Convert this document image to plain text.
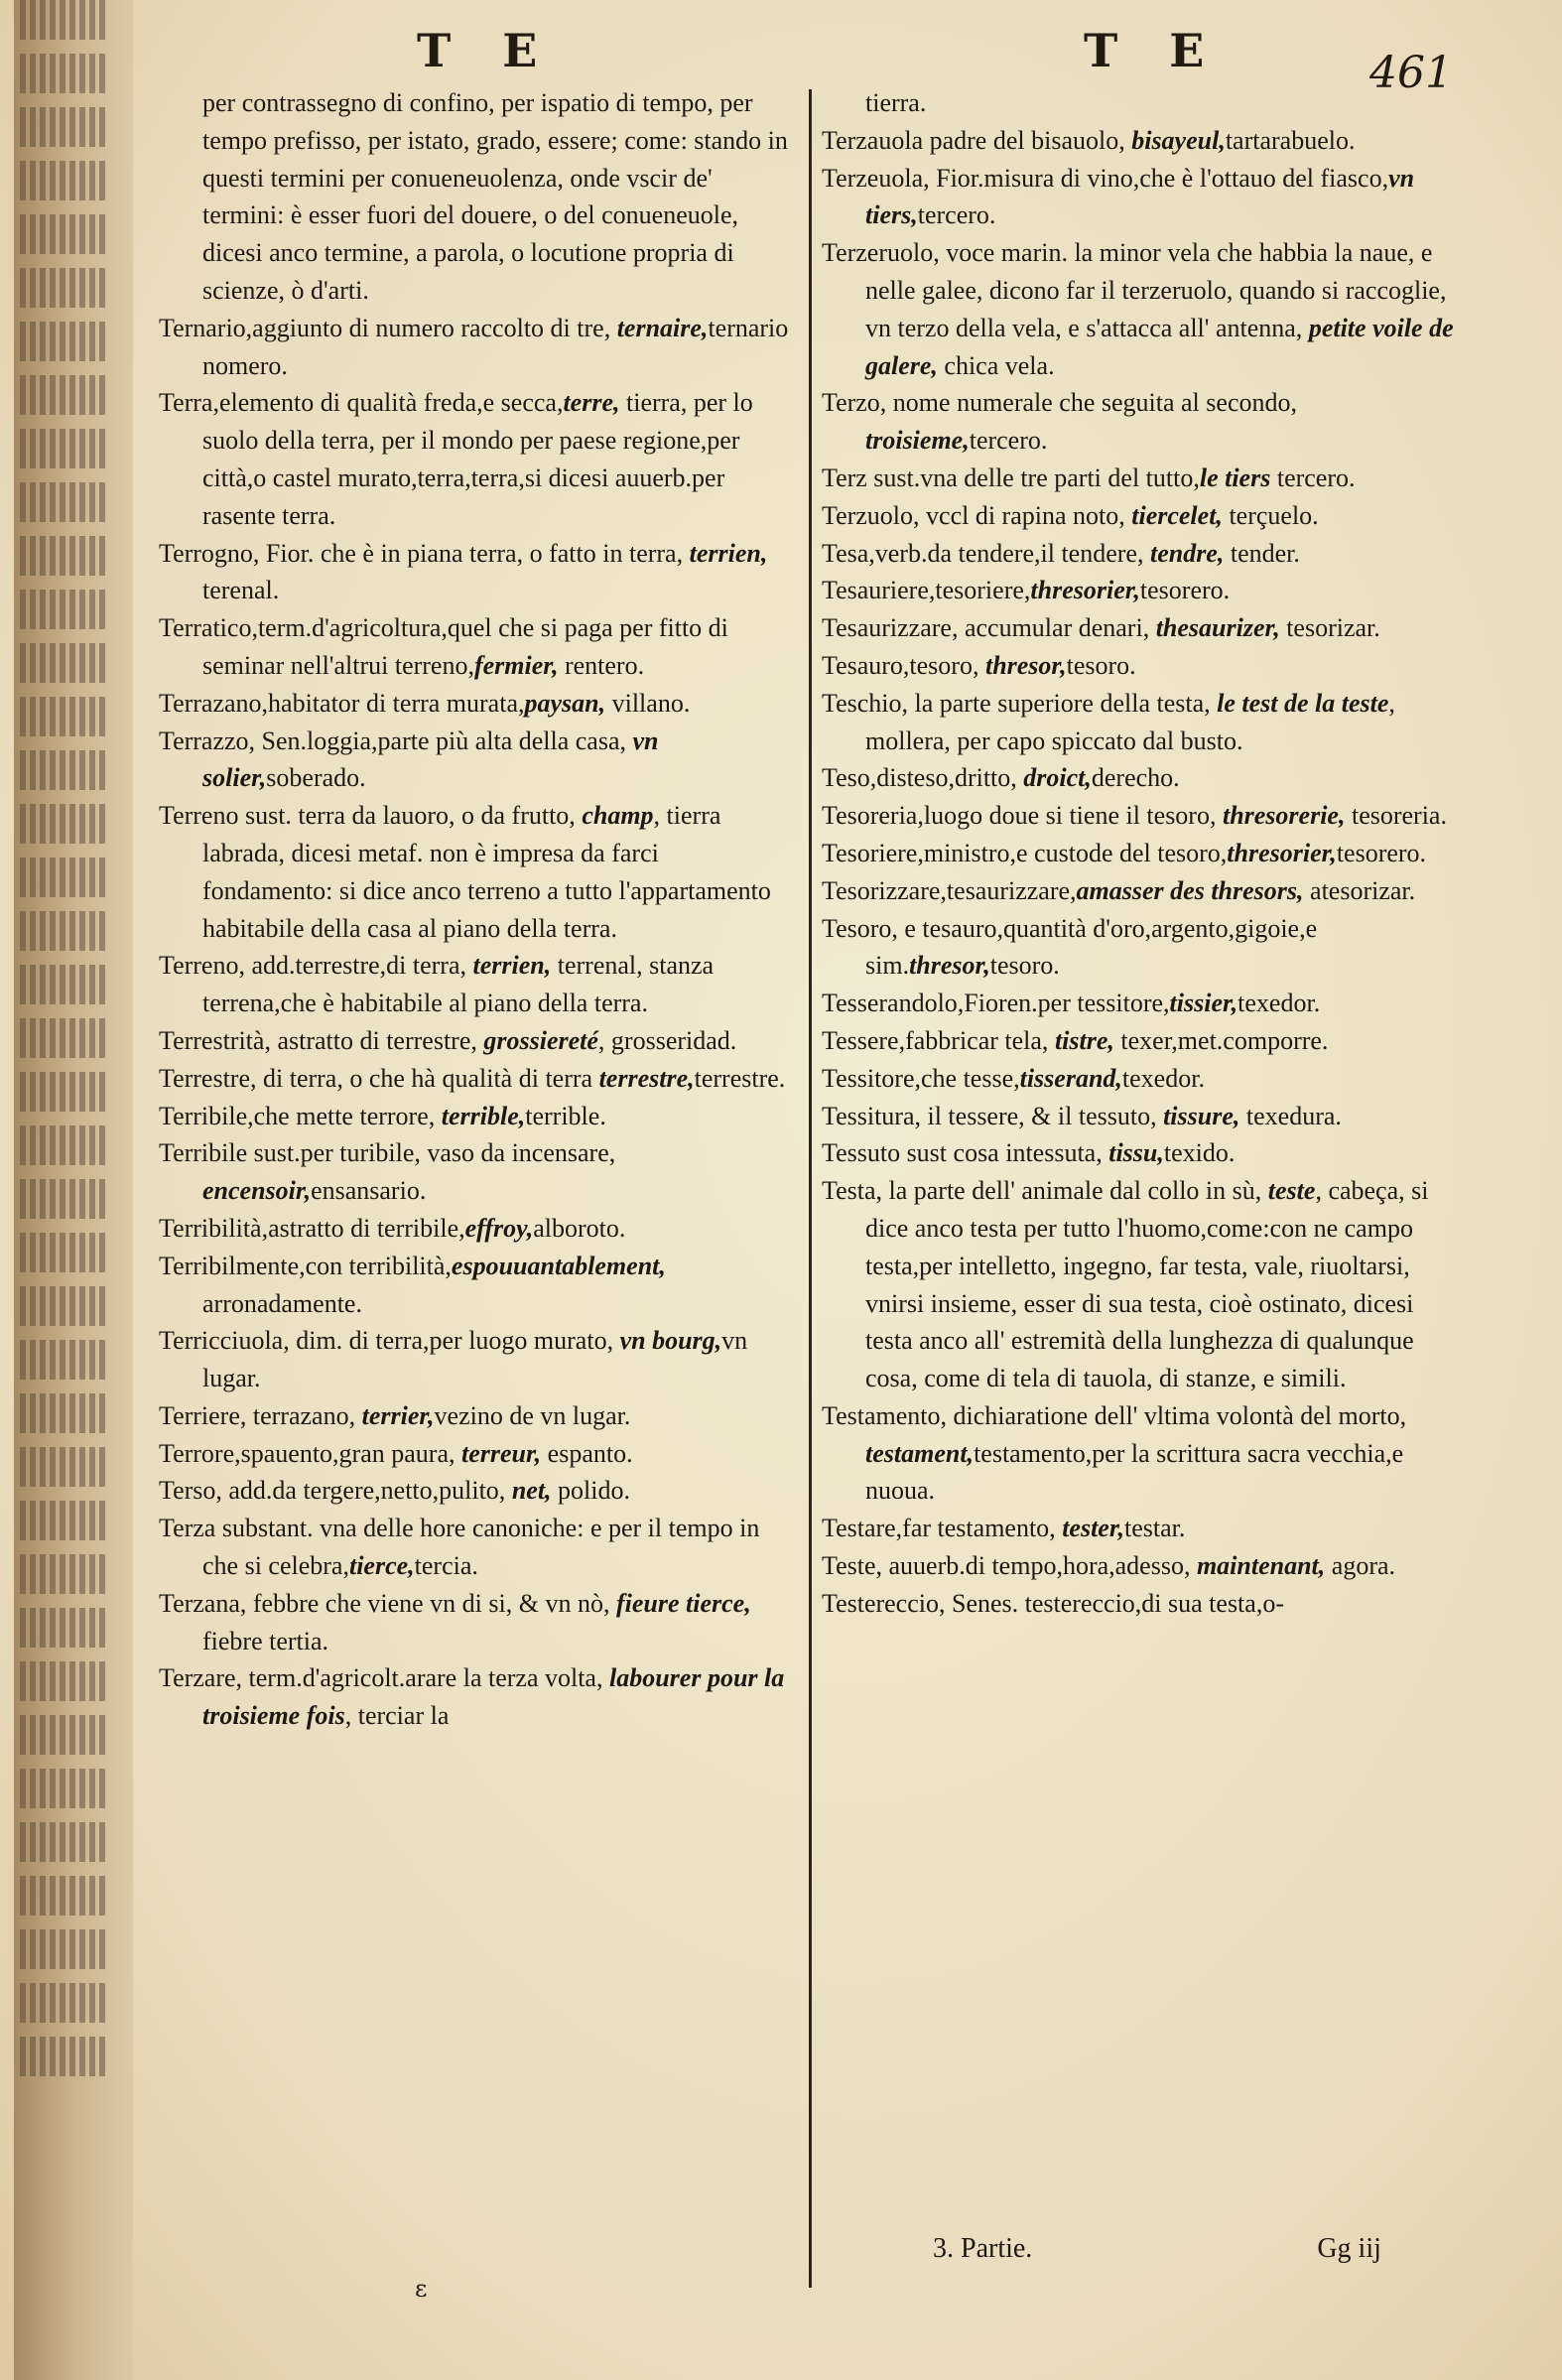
T E	T E	461

per contrassegno di confino, per ispatio di tempo, per tempo prefisso, per istato, grado, essere; come: stando in questi termini per conueneuolenza, onde vscir de' termini: è esser fuori del douere, o del conueneuole, dicesi anco termine, a parola, o locutione propria di scienze, ò d'arti.

Ternario,aggiunto di numero raccolto di tre, ternaire,ternario nomero.

Terra,elemento di qualità freda,e secca,terre, tierra, per lo suolo della terra, per il mondo per paese regione,per città,o castel murato,terra,terra,si dicesi auuerb.per rasente terra.

Terrogno, Fior. che è in piana terra, o fatto in terra, terrien, terenal.

Terratico,term.d'agricoltura,quel che si paga per fitto di seminar nell'altrui terreno,fermier, rentero.

Terrazano,habitator di terra murata,paysan, villano.

Terrazzo, Sen.loggia,parte più alta della casa, vn solier,soberado.

Terreno sust. terra da lauoro, o da frutto, champ, tierra labrada, dicesi metaf. non è impresa da farci fondamento: si dice anco terreno a tutto l'appartamento habitabile della casa al piano della terra.

Terreno, add.terrestre,di terra, terrien, terrenal, stanza terrena,che è habitabile al piano della terra.

Terrestrità, astratto di terrestre, grossiereté, grosseridad.

Terrestre, di terra, o che hà qualità di terra terrestre,terrestre.

Terribile,che mette terrore, terrible,terrible.

Terribile sust.per turibile, vaso da incensare, encensoir,ensansario.

Terribilità,astratto di terribile,effroy,alboroto.

Terribilmente,con terribilità,espouuantablement, arronadamente.

Terricciuola, dim. di terra,per luogo murato, vn bourg,vn lugar.

Terriere, terrazano, terrier,vezino de vn lugar.

Terrore,spauento,gran paura, terreur, espanto.

Terso, add.da tergere,netto,pulito, net, polido.

Terza substant. vna delle hore canoniche: e per il tempo in che si celebra,tierce,tercia.

Terzana, febbre che viene vn di si, & vn nò, fieure tierce, fiebre tertia.

Terzare, term.d'agricolt.arare la terza volta, labourer pour la troisieme fois, terciar la

tierra.

Terzauola padre del bisauolo, bisayeul,tartarabuelo.

Terzeuola, Fior.misura di vino,che è l'ottauo del fiasco,vn tiers,tercero.

Terzeruolo, voce marin. la minor vela che habbia la naue, e nelle galee, dicono far il terzeruolo, quando si raccoglie, vn terzo della vela, e s'attacca all' antenna, petite voile de galere, chica vela.

Terzo, nome numerale che seguita al secondo, troisieme,tercero.

Terz sust.vna delle tre parti del tutto,le tiers tercero.

Terzuolo, vccl di rapina noto, tiercelet, terçuelo.

Tesa,verb.da tendere,il tendere, tendre, tender.

Tesauriere,tesoriere,thresorier,tesorero.

Tesaurizzare, accumular denari, thesaurizer, tesorizar.

Tesauro,tesoro, thresor,tesoro.

Teschio, la parte superiore della testa, le test de la teste, mollera, per capo spiccato dal busto.

Teso,disteso,dritto, droict,derecho.

Tesoreria,luogo doue si tiene il tesoro, thresorerie, tesoreria.

Tesoriere,ministro,e custode del tesoro,thresorier,tesorero.

Tesorizzare,tesaurizzare,amasser des thresors, atesorizar.

Tesoro, e tesauro,quantità d'oro,argento,gigoie,e sim.thresor,tesoro.

Tesserandolo,Fioren.per tessitore,tissier,texedor.

Tessere,fabbricar tela, tistre, texer,met.comporre.

Tessitore,che tesse,tisserand,texedor.

Tessitura, il tessere, & il tessuto, tissure, texedura.

Tessuto sust cosa intessuta, tissu,texido.

Testa, la parte dell' animale dal collo in sù, teste, cabeça, si dice anco testa per tutto l'huomo,come:con ne campo testa,per intelletto, ingegno, far testa, vale, riuoltarsi, vnirsi insieme, esser di sua testa, cioè ostinato, dicesi testa anco all' estremità della lunghezza di qualunque cosa, come di tela di tauola, di stanze, e simili.

Testamento, dichiaratione dell' vltima volontà del morto, testament,testamento,per la scrittura sacra vecchia,e nuoua.

Testare,far testamento, tester,testar.

Teste, auuerb.di tempo,hora,adesso, maintenant, agora.

Testereccio, Senes. testereccio,di sua testa,o-

ɛ
3. Partie.	Gg iij
